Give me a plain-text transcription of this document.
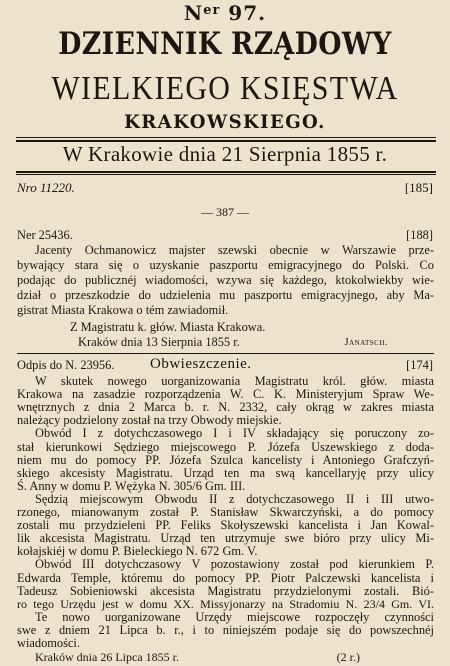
$N^{er}$ 97.
DZIENNIK RZĄDOWY
WIELKIEGO KSIĘSTWA
KRAKOWSKIEGO.
W Krakowie dnia 21 Sierpnia 1855 r.
Nro 11220.	[185]
— 387 —
Ner 25436.	[188]
Jacenty Ochmanowicz majster szewski obecnie w Warszawie prze-
bywający stara się o uzyskanie paszportu emigracyjnego do Polski. Co
podając do publicznéj wiadomości, wzywa się każdego, ktokolwiekby wie-
dział o przeszkodzie do udzielenia mu paszportu emigracyjnego, aby Ma-
gistrat Miasta Krakowa o tém zawiadomił.
Z Magistratu k. głów. Miasta Krakowa.
Kraków dnia 13 Sierpnia 1855 r.	Janatsch.
Odpis do N. 23956. Obwieszczenie.	[174]
W skutek nowego uorganizowania Magistratu król. głów. miasta
Krakowa na zasadzie rozporządzenia W. C. K. Ministeryjum Spraw We-
wnętrznych z dnia 2 Marca b. r. N. 2332, cały okrąg w zakres miasta
należący podzielony został na trzy Obwody miejskie.
Obwód I z dotychczasowego I i IV składający się poruczony zo-
stał kierunkowi Sędziego miejscowego P. Józefa Uszewskiego z doda-
niem mu do pomocy PP. Józefa Szulca kancelisty i Antoniego Grafczyń-
skiego akcesisty Magistratu. Urząd ten ma swą kancellaryję przy ulicy
Ś. Anny w domu P. Wężyka N. 305/6 Gm. III.
Sędzią miejscowym Obwodu II z dotychczasowego II i III utwo-
rzonego, mianowanym został P. Stanisław Skwarczyński, a do pomocy
zostali mu przydzieleni PP. Feliks Skołyszewski kancelista i Jan Kowal-
lik akcesista Magistratu. Urząd ten utrzymuje swe bióro przy ulicy Mi-
kołajskiéj w domu P. Bieleckiego N. 672 Gm. V.
Obwód III dotychczasowy V pozostawiony został pod kierunkiem P.
Edwarda Temple, któremu do pomocy PP. Piotr Palczewski kancelista i
Tadeusz Sobieniowski akcesista Magistratu przydzielonymi zostali. Bió-
ro tego Urzędu jest w domu XX. Missyjonarzy na Stradomiu N. 23/4 Gm. VI.
Te nowo uorganizowane Urzędy miejscowe rozpoczęły czynności
swe z dniem 21 Lipca b. r., i to niniejszém podaje się do powszechnéj
wiadomości.
Kraków dnia 26 Lipca 1855 r.	(2 r.)
